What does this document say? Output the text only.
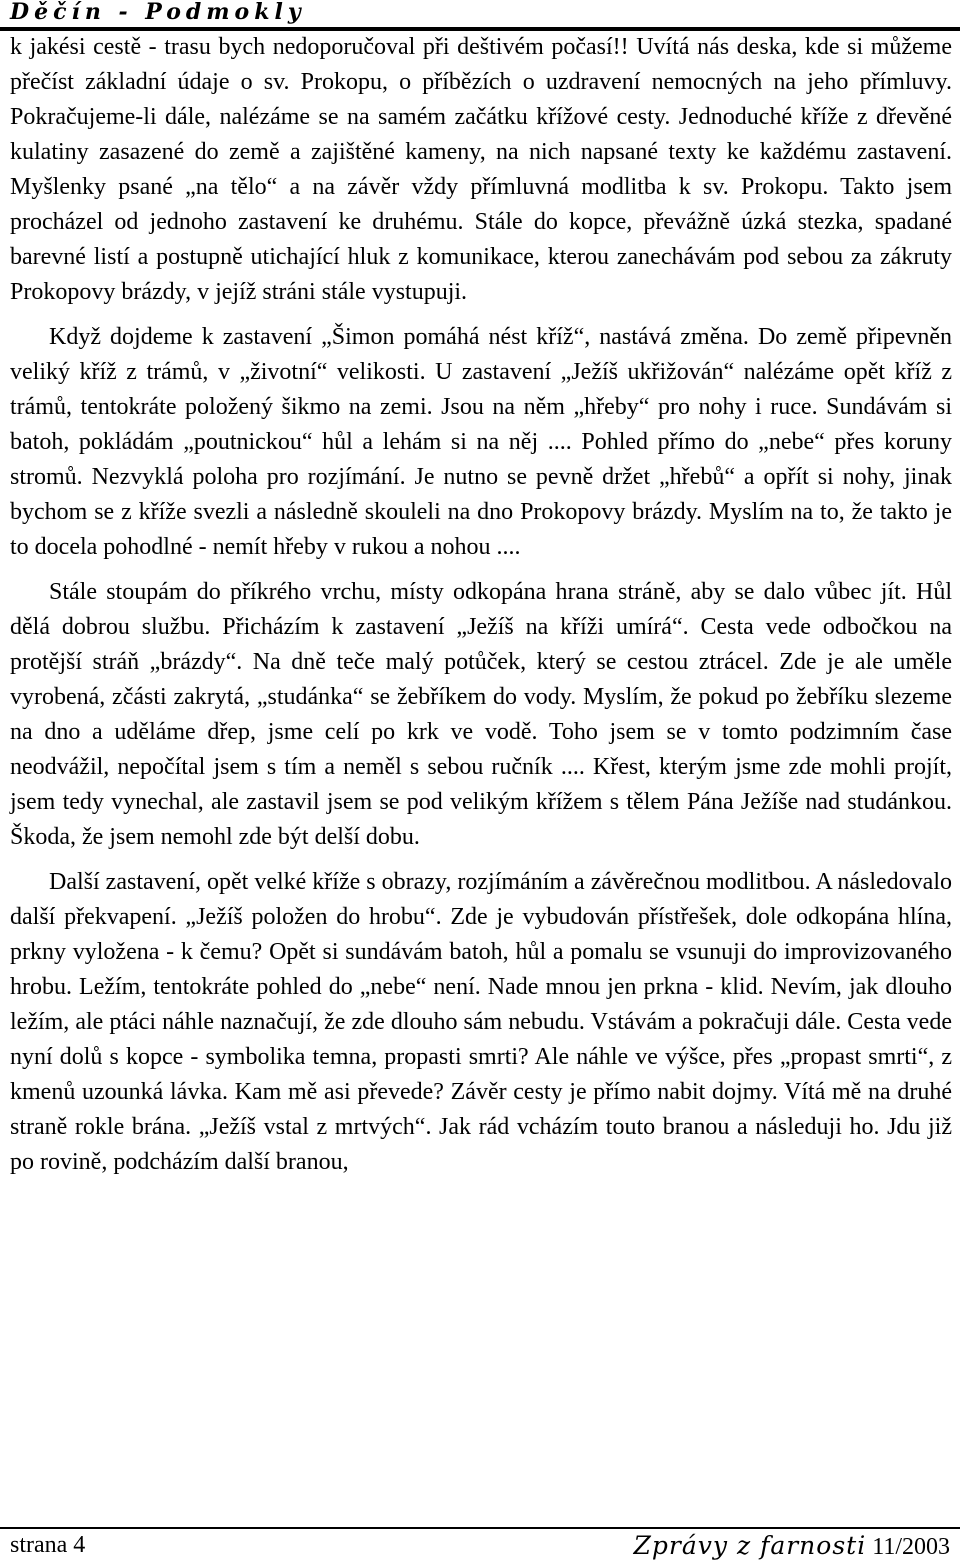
Děčín - Podmokly

k jakési cestě - trasu bych nedoporučoval při deštivém počasí!! Uvítá nás deska, kde si můžeme přečíst základní údaje o sv. Prokopu, o příbězích o uzdravení nemocných na jeho přímluvy. Pokračujeme-li dále, nalézáme se na samém začátku křížové cesty. Jednoduché kříže z dřevěné kulatiny zasazené do země a zajištěné kameny, na nich napsané texty ke každému zastavení. Myšlenky psané „na tělo“ a na závěr vždy přímluvná modlitba k sv. Prokopu. Takto jsem procházel od jednoho zastavení ke druhému. Stále do kopce, převážně úzká stezka, spadané barevné listí a postupně utichající hluk z komunikace, kterou zanechávám pod sebou za zákruty Prokopovy brázdy, v jejíž stráni stále vystupuji.

Když dojdeme k zastavení „Šimon pomáhá nést kříž“, nastává změna. Do země připevněn veliký kříž z trámů, v „životní“ velikosti. U zastavení „Ježíš ukřižován“ nalézáme opět kříž z trámů, tentokráte položený šikmo na zemi. Jsou na něm „hřeby“ pro nohy i ruce. Sundávám si batoh, pokládám „poutnickou“ hůl a lehám si na něj .... Pohled přímo do „nebe“ přes koruny stromů. Nezvyklá poloha pro rozjímání. Je nutno se pevně držet „hřebů“ a opřít si nohy, jinak bychom se z kříže svezli a následně skouleli na dno Prokopovy brázdy. Myslím na to, že takto je to docela pohodlné - nemít hřeby v rukou a nohou ....

Stále stoupám do příkrého vrchu, místy odkopána hrana stráně, aby se dalo vůbec jít. Hůl dělá dobrou službu. Přicházím k zastavení „Ježíš na kříži umírá“. Cesta vede odbočkou na protější stráň „brázdy“. Na dně teče malý potůček, který se cestou ztrácel. Zde je ale uměle vyrobená, zčásti zakrytá, „studánka“ se žebříkem do vody. Myslím, že pokud po žebříku slezeme na dno a uděláme dřep, jsme celí po krk ve vodě. Toho jsem se v tomto podzimním čase neodvážil, nepočítal jsem s tím a neměl s sebou ručník .... Křest, kterým jsme zde mohli projít, jsem tedy vynechal, ale zastavil jsem se pod velikým křížem s tělem Pána Ježíše nad studánkou. Škoda, že jsem nemohl zde být delší dobu.

Další zastavení, opět velké kříže s obrazy, rozjímáním a závěrečnou modlitbou. A následovalo další překvapení. „Ježíš položen do hrobu“. Zde je vybudován přístřešek, dole odkopána hlína, prkny vyložena - k čemu? Opět si sundávám batoh, hůl a pomalu se vsunuji do improvizovaného hrobu. Ležím, tentokráte pohled do „nebe“ není. Nade mnou jen prkna - klid. Nevím, jak dlouho ležím, ale ptáci náhle naznačují, že zde dlouho sám nebudu. Vstávám a pokračuji dále. Cesta vede nyní dolů s kopce - symbolika temna, propasti smrti? Ale náhle ve výšce, přes „propast smrti“, z kmenů uzounká lávka. Kam mě asi převede? Závěr cesty je přímo nabit dojmy. Vítá mě na druhé straně rokle brána. „Ježíš vstal z mrtvých“. Jak rád vcházím touto branou a následuji ho. Jdu již po rovině, podcházím další branou,

strana 4	Zprávy z farnosti 11/2003
